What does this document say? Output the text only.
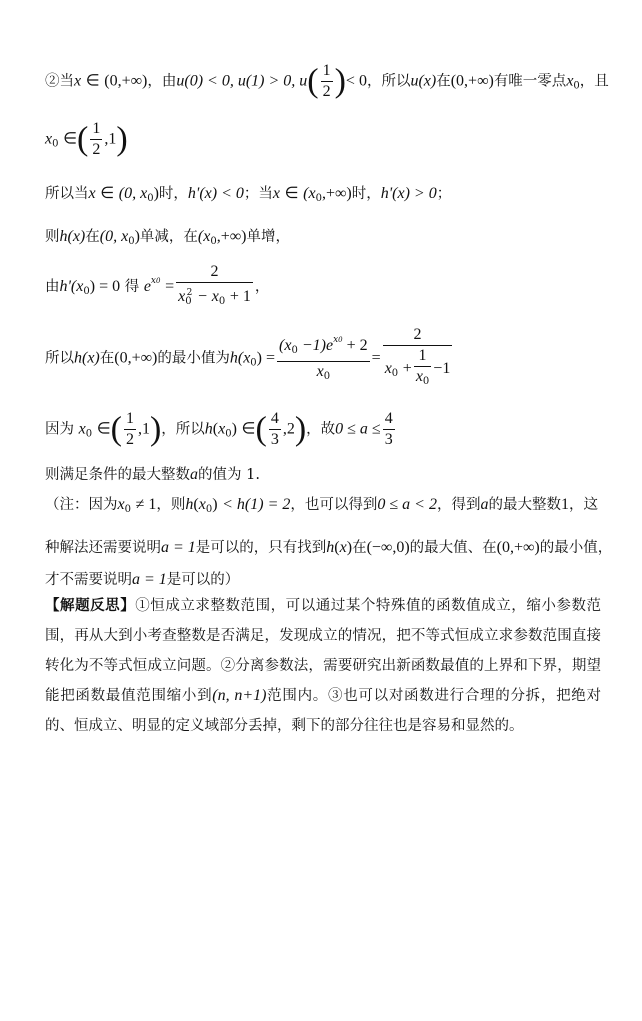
②当x ∈ (0,+∞)，由u(0) < 0, u(1) > 0, $u( \frac{1}{2}$ )< 0，所以u(x)在(0,+∞)有唯一零点$x_0$，且
$x_0$ ∈( $\frac{1}{2} ,1$)
所以当x ∈ (0, $x_0$)时，h'(x) < 0；当x ∈ $(x_0,+\infty)$时，h'(x) > 0；
则h(x)在(0, $x_0$)单减，在$(x_0,+\infty)$单增，
由$h'(x_0) = 0$ 得 $e^{x0} = \frac{2}{x_0^2 - x_0 + 1}$ ，
所以h(x)在(0,+∞)的最小值为$h(x_0) = \frac{(x_0 -1)e^{x0} + 2}{x_0} = \frac{2}{x_0 + \frac{1}{x_0} -1}$
因为 $x_0$ ∈( $\frac{1}{2} ,1$)，所以$h(x_0)$ ∈( $\frac{4}{3} ,2$)，故$0 \le a \le \frac{4}{3}$
则满足条件的最大整数a的值为 1.
（注：因为$x_0 \ne 1$，则$h(x_0) < h(1) = 2$，也可以得到0 ≤ a < 2，得到a的最大整数1，这
种解法还需要说明a = 1是可以的，只有找到h(x)在(−∞,0)的最大值、在(0,+∞)的最小值，
才不需要说明a = 1是可以的）
【解题反思】①恒成立求整数范围，可以通过某个特殊值的函数值成立，缩小参数范围，再从大到小考查整数是否满足，发现成立的情况，把不等式恒成立求参数范围直接转化为不等式恒成立问题。②分离参数法，需要研究出新函数最值的上界和下界，期望能把函数最值范围缩小到(n, n+1)范围内。③也可以对函数进行合理的分拆，把绝对的、恒成立、明显的定义域部分丢掉，剩下的部分往往也是容易和显然的。
